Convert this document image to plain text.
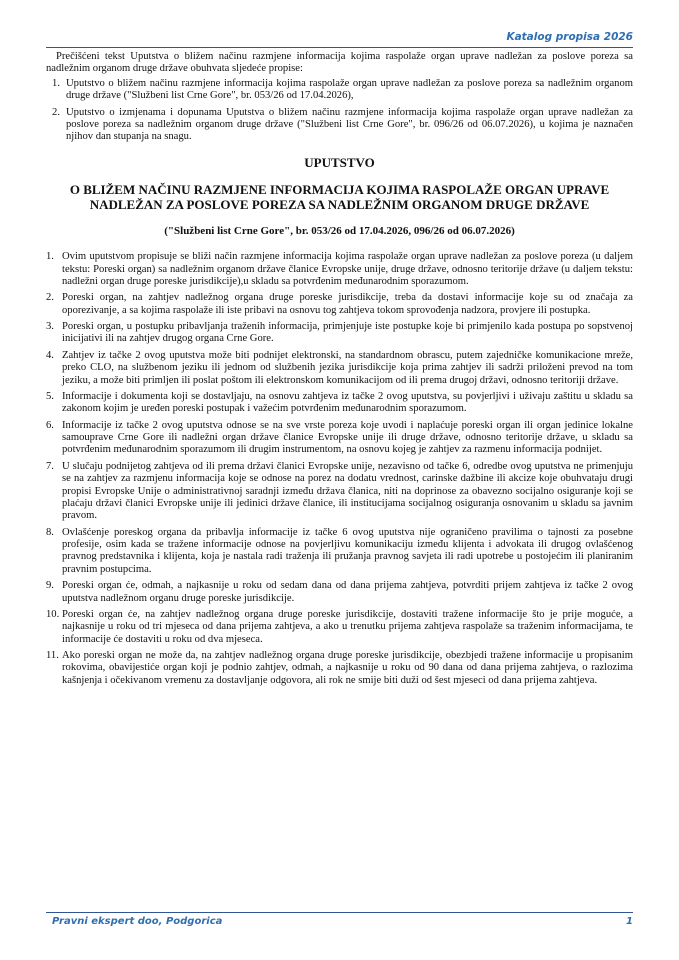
Katalog propisa 2026

Prečišćeni tekst Uputstva o bližem načinu razmjene informacija kojima raspolaže organ uprave nadležan za poslove poreza sa nadležnim organom druge države obuhvata sljedeće propise:

1. Uputstvo o bližem načinu razmjene informacija kojima raspolaže organ uprave nadležan za poslove poreza sa nadležnim organom druge države ("Službeni list Crne Gore", br. 053/26 od 17.04.2026),
2. Uputstvo o izmjenama i dopunama Uputstva o bližem načinu razmjene informacija kojima raspolaže organ uprave nadležan za poslove poreza sa nadležnim organom druge države ("Službeni list Crne Gore", br. 096/26 od 06.07.2026), u kojima je naznačen njihov dan stupanja na snagu.
UPUTSTVO
O BLIŽEM NAČINU RAZMJENE INFORMACIJA KOJIMA RASPOLAŽE ORGAN UPRAVE NADLEŽAN ZA POSLOVE POREZA SA NADLEŽNIM ORGANOM DRUGE DRŽAVE

("Službeni list Crne Gore", br. 053/26 od 17.04.2026, 096/26 od 06.07.2026)

1. Ovim uputstvom propisuje se bliži način razmjene informacija kojima raspolaže organ uprave nadležan za poslove poreza (u daljem tekstu: Poreski organ) sa nadležnim organom države članice Evropske unije, druge države, odnosno teritorije države (u daljem tekstu: nadležni organ druge poreske jurisdikcije),u skladu sa potvrđenim međunarodnim sporazumom.
2. Poreski organ, na zahtjev nadležnog organa druge poreske jurisdikcije, treba da dostavi informacije koje su od značaja za oporezivanje, a sa kojima raspolaže ili iste pribavi na osnovu tog zahtjeva tokom sprovođenja nadzora, provjere ili postupka.
3. Poreski organ, u postupku pribavljanja traženih informacija, primjenjuje iste postupke koje bi primjenilo kada postupa po sopstvenoj inicijativi ili na zahtjev drugog organa Crne Gore.
4. Zahtjev iz tačke 2 ovog uputstva može biti podnijet elektronski, na standardnom obrascu, putem zajedničke komunikacione mreže, preko CLO, na službenom jeziku ili jednom od službenih jezika jurisdikcije koja prima zahtjev ili sadrži priloženi prevod na tom jeziku, a može biti primljen ili poslat poštom ili elektronskom komunikacijom od ili prema drugoj državi, odnosno teritoriji države.
5. Informacije i dokumenta koji se dostavljaju, na osnovu zahtjeva iz tačke 2 ovog uputstva, su povjerljivi i uživaju zaštitu u skladu sa zakonom kojim je uređen poreski postupak i važećim potvrđenim međunarodnim sporazumom.
6. Informacije iz tačke 2 ovog uputstva odnose se na sve vrste poreza koje uvodi i naplaćuje poreski organ ili organ jedinice lokalne samouprave Crne Gore ili nadležni organ države članice Evropske unije ili druge države, odnosno teritorije države, u skladu sa potvrđenim međunarodnim sporazumom ili drugim instrumentom, na osnovu kojeg je zahtjev za razmenu informacija podnijet.
7. U slučaju podnijetog zahtjeva od ili prema državi članici Evropske unije, nezavisno od tačke 6, odredbe ovog uputstva ne primenjuju se na zahtjev za razmjenu informacija koje se odnose na porez na dodatu vrednost, carinske dažbine ili akcize koje obuhvataju drugi propisi Evropske Unije o administrativnoj saradnji između država članica, niti na doprinose za obavezno socijalno osiguranje koji se plaćaju državi članici Evropske unije ili jedinici države članice, ili institucijama socijalnog osiguranja osnovanim u skladu sa javnim pravom.
8. Ovlašćenje poreskog organa da pribavlja informacije iz tačke 6 ovog uputstva nije ograničeno pravilima o tajnosti za posebne profesije, osim kada se tražene informacije odnose na povjerljivu komunikaciju između klijenta i advokata ili drugog ovlašćenog pravnog predstavnika i klijenta, koja je nastala radi traženja ili pružanja pravnog savjeta ili radi upotrebe u postojećim ili planiranim pravnim postupcima.
9. Poreski organ će, odmah, a najkasnije u roku od sedam dana od dana prijema zahtjeva, potvrditi prijem zahtjeva iz tačke 2 ovog uputstva nadležnom organu druge poreske jurisdikcije.
10. Poreski organ će, na zahtjev nadležnog organa druge poreske jurisdikcije, dostaviti tražene informacije što je prije moguće, a najkasnije u roku od tri mjeseca od dana prijema zahtjeva, a ako u trenutku prijema zahtjeva raspolaže sa traženim informacijama, te informacije će dostaviti u roku od dva mjeseca.
11. Ako poreski organ ne može da, na zahtjev nadležnog organa druge poreske jurisdikcije, obezbjedi tražene informacije u propisanim rokovima, obavijestiće organ koji je podnio zahtjev, odmah, a najkasnije u roku od 90 dana od dana prijema zahtjeva, o razlozima kašnjenja i očekivanom vremenu za dostavljanje odgovora, ali rok ne smije biti duži od šest mjeseci od dana prijema zahtjeva.
Pravni ekspert doo, Podgorica	1
